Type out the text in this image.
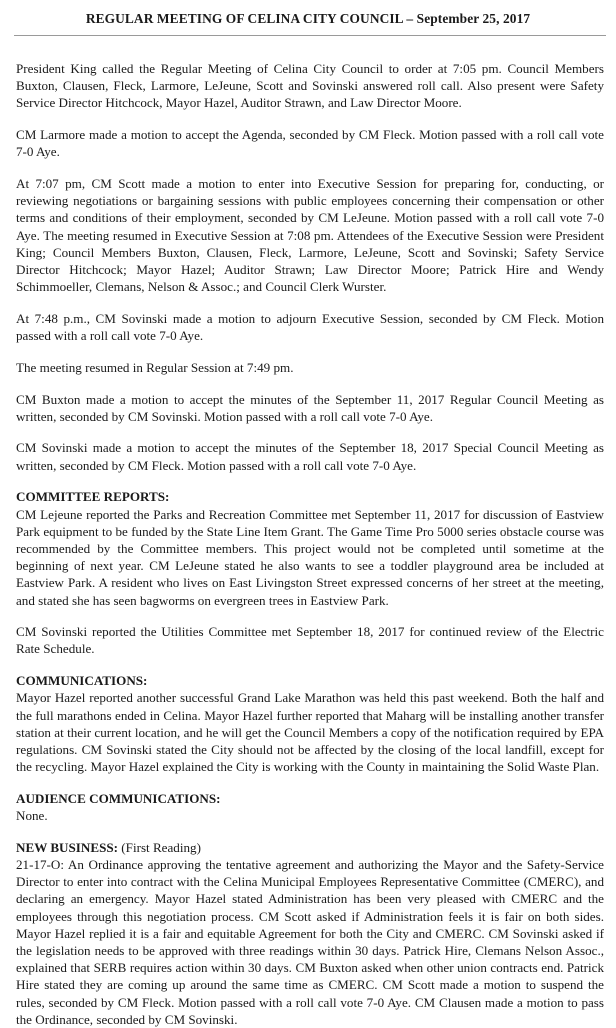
REGULAR MEETING OF CELINA CITY COUNCIL – September 25, 2017

President King called the Regular Meeting of Celina City Council to order at 7:05 pm. Council Members Buxton, Clausen, Fleck, Larmore, LeJeune, Scott and Sovinski answered roll call. Also present were Safety Service Director Hitchcock, Mayor Hazel, Auditor Strawn, and Law Director Moore.

CM Larmore made a motion to accept the Agenda, seconded by CM Fleck. Motion passed with a roll call vote 7-0 Aye.

At 7:07 pm, CM Scott made a motion to enter into Executive Session for preparing for, conducting, or reviewing negotiations or bargaining sessions with public employees concerning their compensation or other terms and conditions of their employment, seconded by CM LeJeune. Motion passed with a roll call vote 7-0 Aye. The meeting resumed in Executive Session at 7:08 pm. Attendees of the Executive Session were President King; Council Members Buxton, Clausen, Fleck, Larmore, LeJeune, Scott and Sovinski; Safety Service Director Hitchcock; Mayor Hazel; Auditor Strawn; Law Director Moore; Patrick Hire and Wendy Schimmoeller, Clemans, Nelson & Assoc.; and Council Clerk Wurster.

At 7:48 p.m., CM Sovinski made a motion to adjourn Executive Session, seconded by CM Fleck. Motion passed with a roll call vote 7-0 Aye.

The meeting resumed in Regular Session at 7:49 pm.

CM Buxton made a motion to accept the minutes of the September 11, 2017 Regular Council Meeting as written, seconded by CM Sovinski. Motion passed with a roll call vote 7-0 Aye.

CM Sovinski made a motion to accept the minutes of the September 18, 2017 Special Council Meeting as written, seconded by CM Fleck. Motion passed with a roll call vote 7-0 Aye.

COMMITTEE REPORTS:

CM Lejeune reported the Parks and Recreation Committee met September 11, 2017 for discussion of Eastview Park equipment to be funded by the State Line Item Grant. The Game Time Pro 5000 series obstacle course was recommended by the Committee members. This project would not be completed until sometime at the beginning of next year. CM LeJeune stated he also wants to see a toddler playground area be included at Eastview Park. A resident who lives on East Livingston Street expressed concerns of her street at the meeting, and stated she has seen bagworms on evergreen trees in Eastview Park.

CM Sovinski reported the Utilities Committee met September 18, 2017 for continued review of the Electric Rate Schedule.

COMMUNICATIONS:

Mayor Hazel reported another successful Grand Lake Marathon was held this past weekend. Both the half and the full marathons ended in Celina. Mayor Hazel further reported that Maharg will be installing another transfer station at their current location, and he will get the Council Members a copy of the notification required by EPA regulations. CM Sovinski stated the City should not be affected by the closing of the local landfill, except for the recycling. Mayor Hazel explained the City is working with the County in maintaining the Solid Waste Plan.

AUDIENCE COMMUNICATIONS:

None.

NEW BUSINESS: (First Reading)

21-17-O: An Ordinance approving the tentative agreement and authorizing the Mayor and the Safety-Service Director to enter into contract with the Celina Municipal Employees Representative Committee (CMERC), and declaring an emergency. Mayor Hazel stated Administration has been very pleased with CMERC and the employees through this negotiation process. CM Scott asked if Administration feels it is fair on both sides. Mayor Hazel replied it is a fair and equitable Agreement for both the City and CMERC. CM Sovinski asked if the legislation needs to be approved with three readings within 30 days. Patrick Hire, Clemans Nelson Assoc., explained that SERB requires action within 30 days. CM Buxton asked when other union contracts end. Patrick Hire stated they are coming up around the same time as CMERC. CM Scott made a motion to suspend the rules, seconded by CM Fleck. Motion passed with a roll call vote 7-0 Aye. CM Clausen made a motion to pass the Ordinance, seconded by CM Sovinski.
